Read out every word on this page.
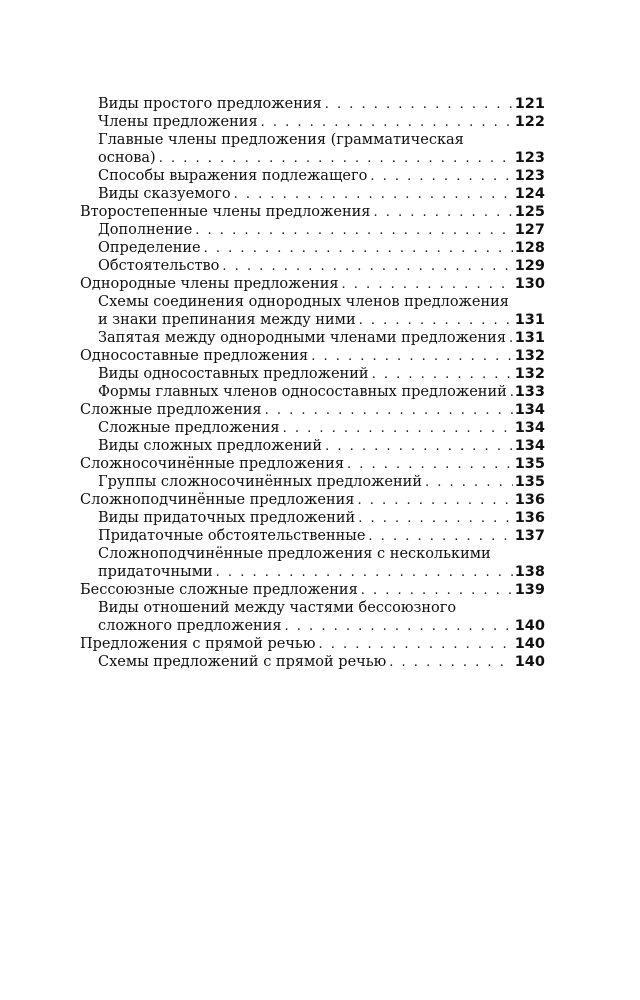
Виды простого предложения . . .	121
Члены предложения . . .	122
Главные члены предложения (грамматическая
основа) . . .	123
Способы выражения подлежащего . . .	123
Виды сказуемого . . .	124
Второстепенные члены предложения . . .	125
Дополнение . . .	127
Определение . . .	128
Обстоятельство . . .	129
Однородные члены предложения . . .	130
Схемы соединения однородных членов предложения
и знаки препинания между ними . . .	131
Запятая между однородными членами предложения . . . 131
Односоставные предложения . . .	132
Виды односоставных предложений . . .	132
Формы главных членов односоставных предложений . . . 133
Сложные предложения . . .	134
Сложные предложения . . .	134
Виды сложных предложений . . .	134
Сложносочинённые предложения . . .	135
Группы сложносочинённых предложений . . .	135
Сложноподчинённые предложения . . .	136
Виды придаточных предложений . . .	136
Придаточные обстоятельственные . . .	137
Сложноподчинённые предложения с несколькими
придаточными . . .	138
Бессоюзные сложные предложения . . .	139
Виды отношений между частями бессоюзного
сложного предложения . . .	140
Предложения с прямой речью . . .	140
Схемы предложений с прямой речью . . .	140
